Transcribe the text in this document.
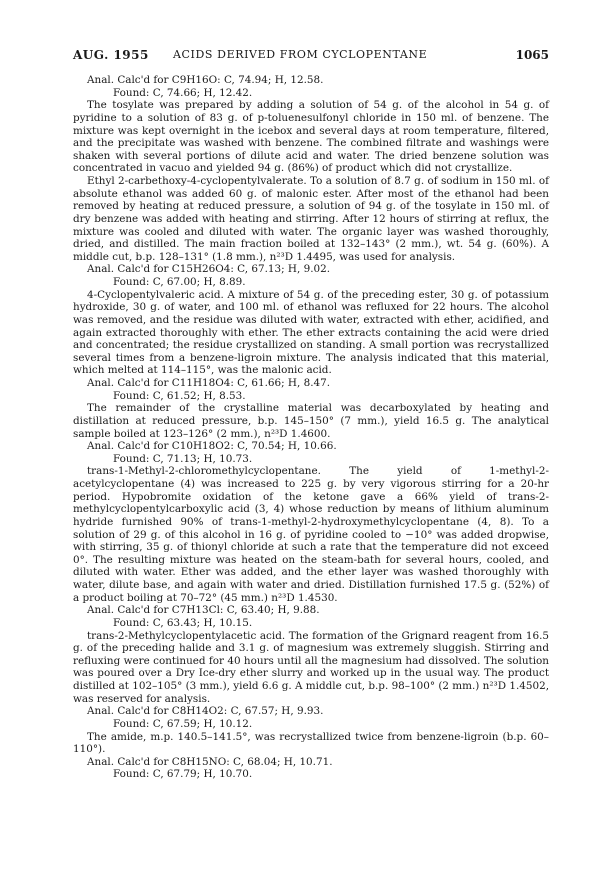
AUG. 1955 ACIDS DERIVED FROM CYCLOPENTANE	1065

Anal. Calc'd for C9H16O: C, 74.94; H, 12.58.

Found: C, 74.66; H, 12.42.

The tosylate was prepared by adding a solution of 54 g. of the alcohol in 54 g. of pyridine to a solution of 83 g. of p-toluenesulfonyl chloride in 150 ml. of benzene. The mixture was kept overnight in the icebox and several days at room temperature, filtered, and the precipitate was washed with benzene. The combined filtrate and washings were shaken with several portions of dilute acid and water. The dried benzene solution was concentrated in vacuo and yielded 94 g. (86%) of product which did not crystallize.

Ethyl 2-carbethoxy-4-cyclopentylvalerate. To a solution of 8.7 g. of sodium in 150 ml. of absolute ethanol was added 60 g. of malonic ester. After most of the ethanol had been removed by heating at reduced pressure, a solution of 94 g. of the tosylate in 150 ml. of dry benzene was added with heating and stirring. After 12 hours of stirring at reflux, the mixture was cooled and diluted with water. The organic layer was washed thoroughly, dried, and distilled. The main fraction boiled at 132–143° (2 mm.), wt. 54 g. (60%). A middle cut, b.p. 128–131° (1.8 mm.), n²³D 1.4495, was used for analysis.

Anal. Calc'd for C15H26O4: C, 67.13; H, 9.02.

Found: C, 67.00; H, 8.89.

4-Cyclopentylvaleric acid. A mixture of 54 g. of the preceding ester, 30 g. of potassium hydroxide, 30 g. of water, and 100 ml. of ethanol was refluxed for 22 hours. The alcohol was removed, and the residue was diluted with water, extracted with ether, acidified, and again extracted thoroughly with ether. The ether extracts containing the acid were dried and concentrated; the residue crystallized on standing. A small portion was recrystallized several times from a benzene-ligroin mixture. The analysis indicated that this material, which melted at 114–115°, was the malonic acid.

Anal. Calc'd for C11H18O4: C, 61.66; H, 8.47.

Found: C, 61.52; H, 8.53.

The remainder of the crystalline material was decarboxylated by heating and distillation at reduced pressure, b.p. 145–150° (7 mm.), yield 16.5 g. The analytical sample boiled at 123–126° (2 mm.), n²³D 1.4600.

Anal. Calc'd for C10H18O2: C, 70.54; H, 10.66.

Found: C, 71.13; H, 10.73.

trans-1-Methyl-2-chloromethylcyclopentane. The yield of 1-methyl-2-acetylcyclopentane (4) was increased to 225 g. by very vigorous stirring for a 20-hr period. Hypobromite oxidation of the ketone gave a 66% yield of trans-2-methylcyclopentylcarboxylic acid (3, 4) whose reduction by means of lithium aluminum hydride furnished 90% of trans-1-methyl-2-hydroxymethylcyclopentane (4, 8). To a solution of 29 g. of this alcohol in 16 g. of pyridine cooled to −10° was added dropwise, with stirring, 35 g. of thionyl chloride at such a rate that the temperature did not exceed 0°. The resulting mixture was heated on the steam-bath for several hours, cooled, and diluted with water. Ether was added, and the ether layer was washed thoroughly with water, dilute base, and again with water and dried. Distillation furnished 17.5 g. (52%) of a product boiling at 70–72° (45 mm.) n²³D 1.4530.

Anal. Calc'd for C7H13Cl: C, 63.40; H, 9.88.

Found: C, 63.43; H, 10.15.

trans-2-Methylcyclopentylacetic acid. The formation of the Grignard reagent from 16.5 g. of the preceding halide and 3.1 g. of magnesium was extremely sluggish. Stirring and refluxing were continued for 40 hours until all the magnesium had dissolved. The solution was poured over a Dry Ice-dry ether slurry and worked up in the usual way. The product distilled at 102–105° (3 mm.), yield 6.6 g. A middle cut, b.p. 98–100° (2 mm.) n²³D 1.4502, was reserved for analysis.

Anal. Calc'd for C8H14O2: C, 67.57; H, 9.93.

Found: C, 67.59; H, 10.12.

The amide, m.p. 140.5–141.5°, was recrystallized twice from benzene-ligroin (b.p. 60–110°).

Anal. Calc'd for C8H15NO: C, 68.04; H, 10.71.

Found: C, 67.79; H, 10.70.
